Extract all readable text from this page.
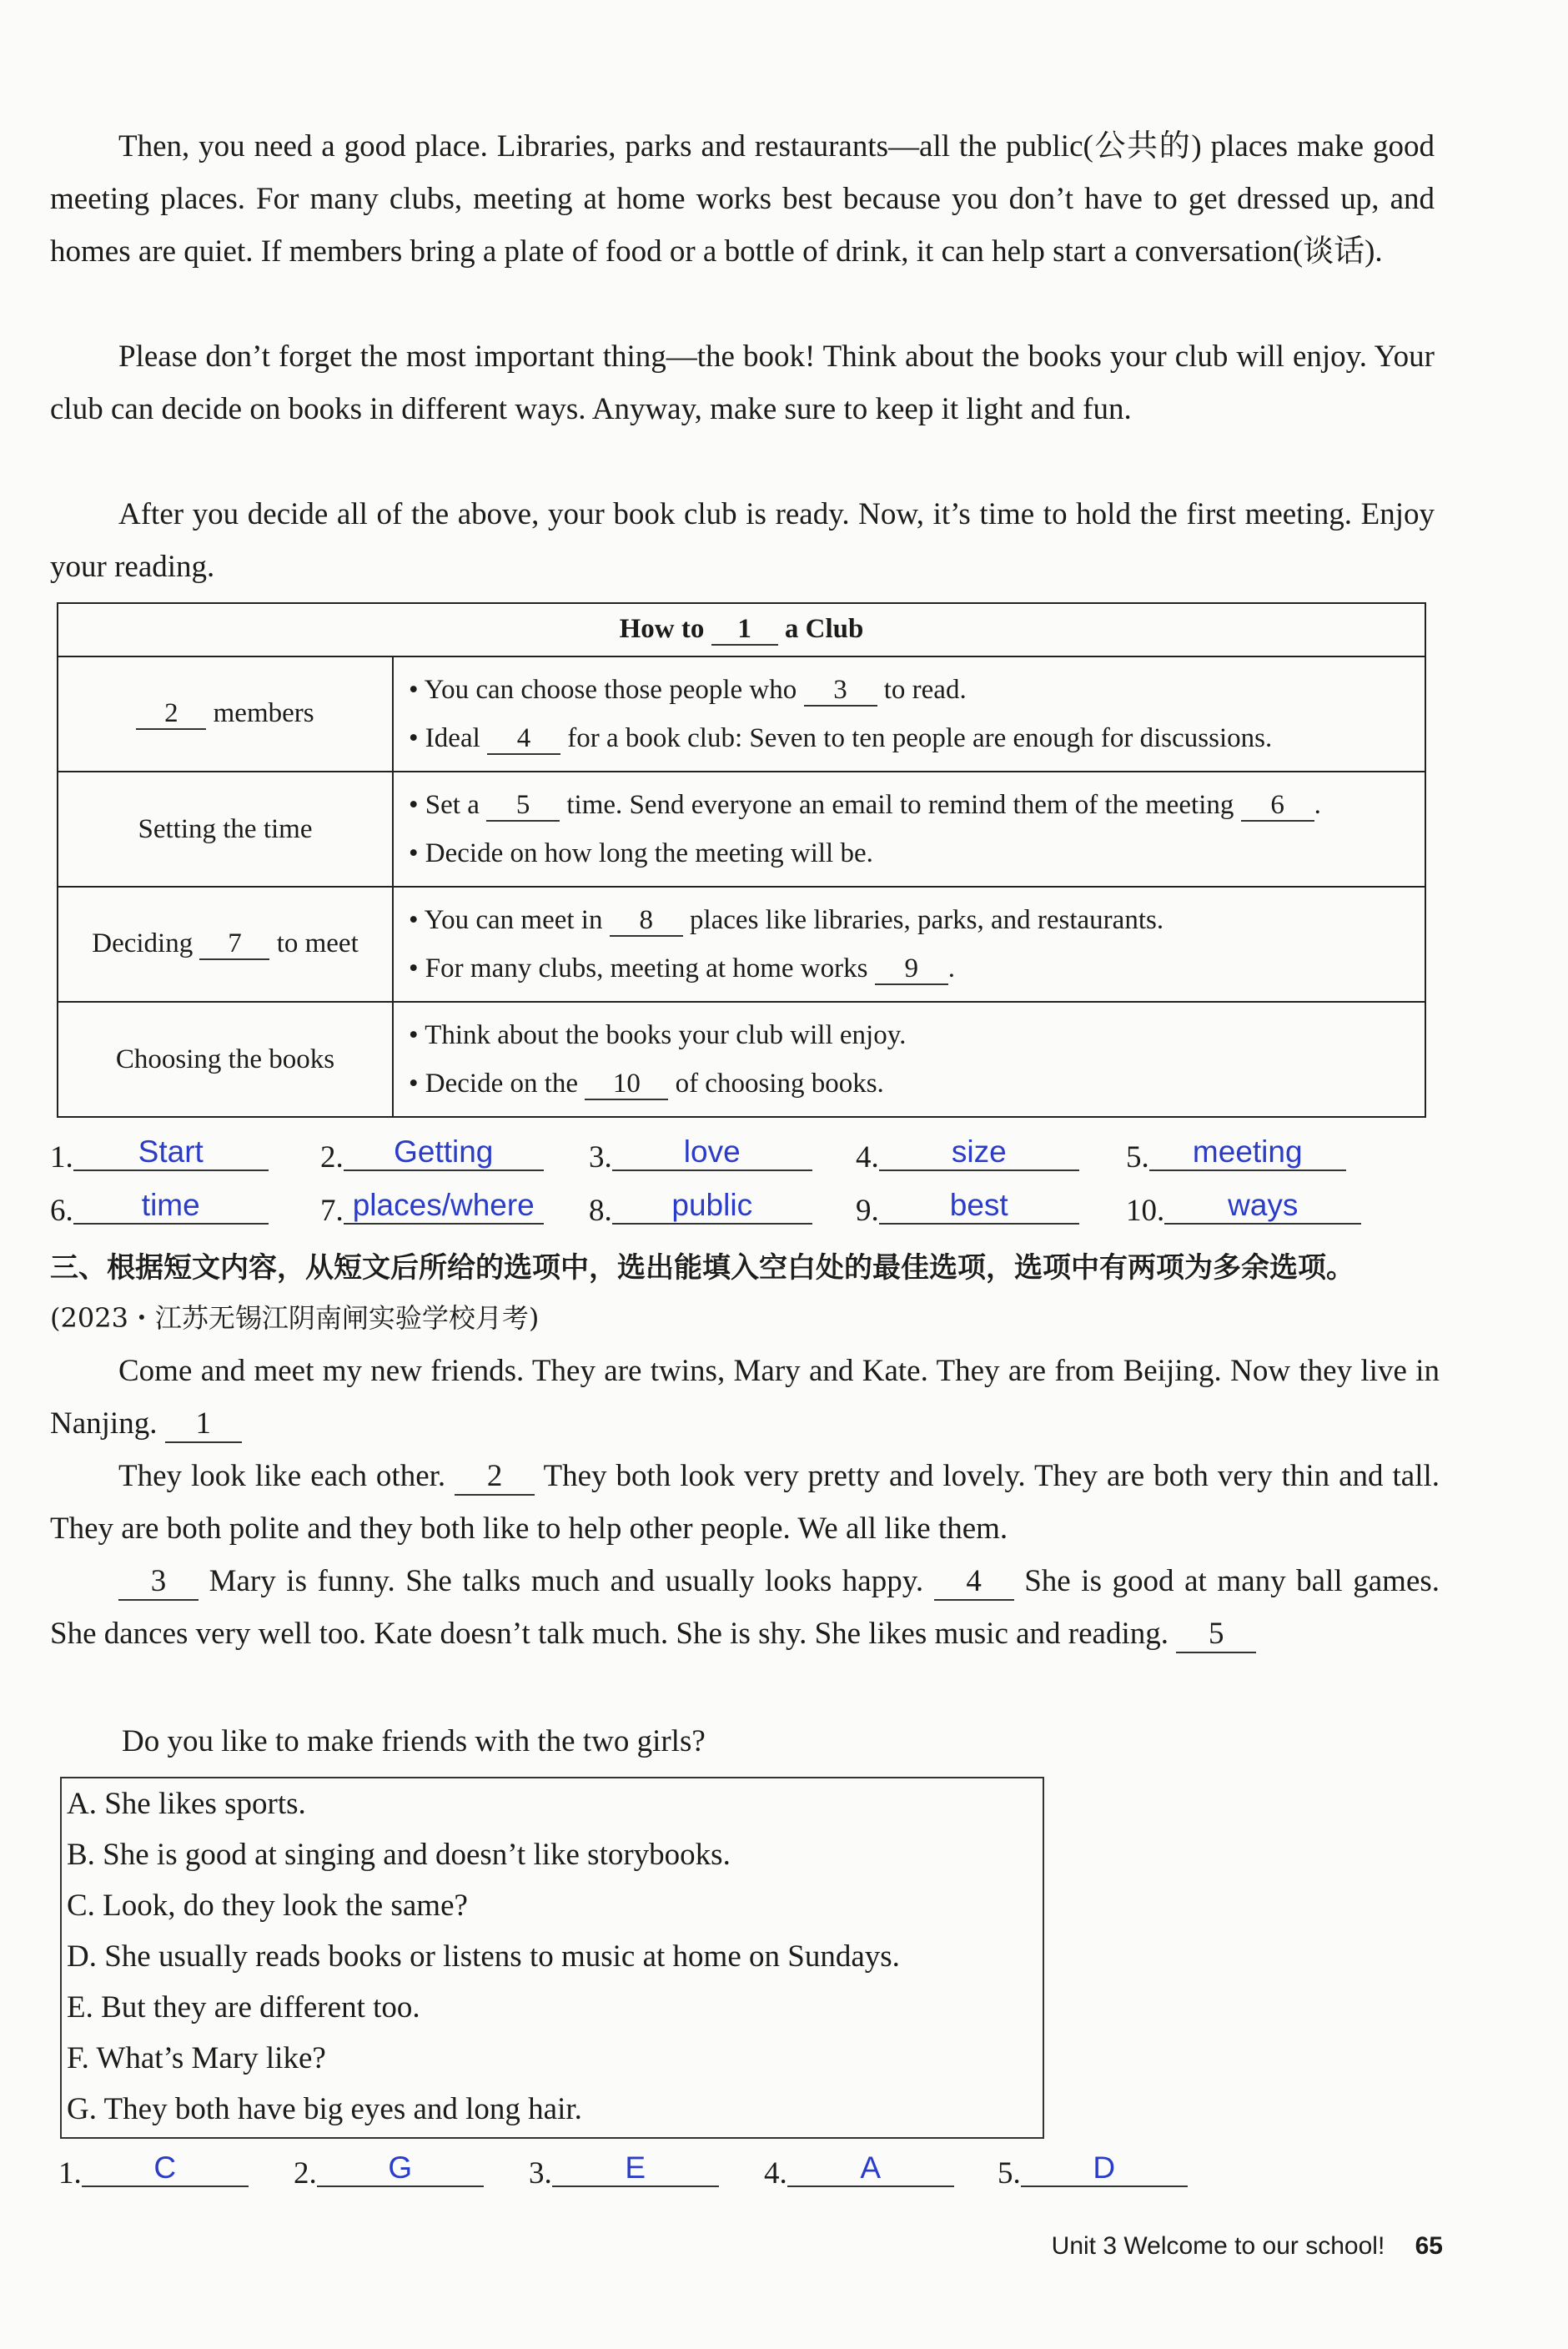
Then, you need a good place. Libraries, parks and restaurants—all the public(公共的) places make good meeting places. For many clubs, meeting at home works best because you don’t have to get dressed up, and homes are quiet. If members bring a plate of food or a bottle of drink, it can help start a conversation(谈话).

Please don’t forget the most important thing—the book! Think about the books your club will enjoy. Your club can decide on books in different ways. Anyway, make sure to keep it light and fun.

After you decide all of the above, your book club is ready. Now, it’s time to hold the first meeting. Enjoy your reading.

How to 1 a Club	
2 members	• You can choose those people who 3 to read.
• Ideal 4 for a book club: Seven to ten people are enough for discussions.

Setting the time	• Set a 5 time. Send everyone an email to remind them of the meeting 6 .
• Decide on how long the meeting will be.

Deciding 7 to meet	• You can meet in 8 places like libraries, parks, and restaurants.
• For many clubs, meeting at home works 9 .

Choosing the books	• Think about the books your club will enjoy.
• Decide on the 10 of choosing books.
1. Start	2. Getting	3. love	4. size	5. meeting
6. time	7. places/where 8. public	9. best	10. ways

三、根据短文内容，从短文后所给的选项中，选出能填入空白处的最佳选项，选项中有两项为多余选项。(2023・江苏无锡江阴南闸实验学校月考)

Come and meet my new friends. They are twins, Mary and Kate. They are from Beijing. Now they live in Nanjing. 1

They look like each other. 2 They both look very pretty and lovely. They are both very thin and tall. They are both polite and they both like to help other people. We all like them.

3 Mary is funny. She talks much and usually looks happy. 4 She is good at many ball games. She dances very well too. Kate doesn’t talk much. She is shy. She likes music and reading. 5

Do you like to make friends with the two girls?

A. She likes sports.
B. She is good at singing and doesn’t like storybooks.
C. Look, do they look the same?
D. She usually reads books or listens to music at home on Sundays.
E. But they are different too.
F. What’s Mary like?
G. They both have big eyes and long hair.
1. C	2. G	3. E	4. A	5. D
Unit 3 Welcome to our school! 65
